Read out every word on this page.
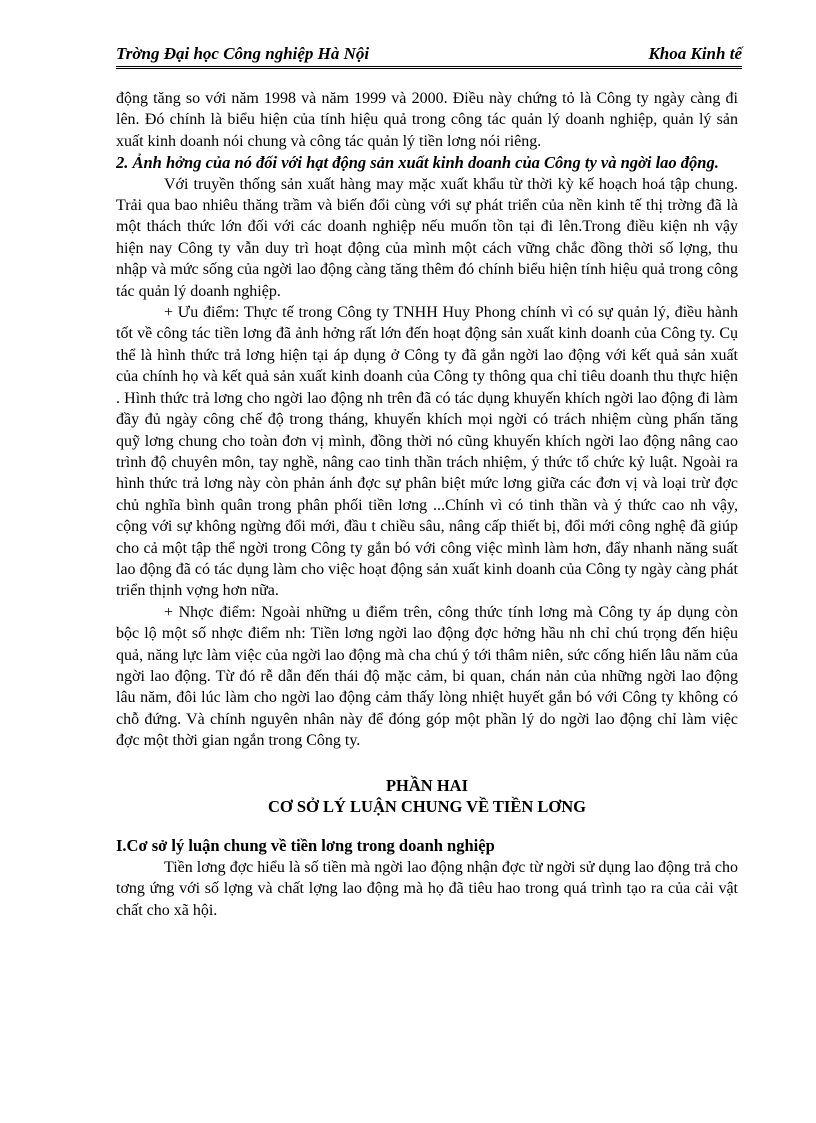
Trờng Đại học Công nghiệp Hà Nội	Khoa Kinh tế

động tăng so với năm 1998 và năm 1999 và 2000. Điều này chứng tỏ là Công ty ngày càng đi lên. Đó chính là biểu hiện của tính hiệu quả trong công tác quản lý doanh nghiệp, quản lý sản xuất kinh doanh nói chung và công tác quản lý tiền lơng nói riêng.

2. Ảnh hởng của nó đối với hạt động sản xuất kinh doanh của Công ty và ngời lao động.

Với truyền thống sản xuất hàng may mặc xuất khẩu từ thời kỳ kế hoạch hoá tập chung. Trải qua bao nhiêu thăng trầm và biến đổi cùng với sự phát triển của nền kinh tế thị trờng đã là một thách thức lớn đối với các doanh nghiệp nếu muốn tồn tại đi lên.Trong điều kiện nh vậy hiện nay Công ty vẫn duy trì hoạt động của mình một cách vững chắc đồng thời số lợng, thu nhập và mức sống của ngời lao động càng tăng thêm đó chính biểu hiện tính hiệu quả trong công tác quản lý doanh nghiệp.

+ Ưu điểm: Thực tế trong Công ty TNHH Huy Phong chính vì có sự quản lý, điều hành tốt về công tác tiền lơng đã ảnh hởng rất lớn đến hoạt động sản xuất kinh doanh của Công ty. Cụ thể là hình thức trả lơng hiện tại áp dụng ở Công ty đã gắn ngời lao động với kết quả sản xuất của chính họ và kết quả sản xuất kinh doanh của Công ty thông qua chỉ tiêu doanh thu thực hiện . Hình thức trả lơng cho ngời lao động nh trên đã có tác dụng khuyến khích ngời lao động đi làm đầy đủ ngày công chế độ trong tháng, khuyến khích mọi ngời có trách nhiệm cùng phấn tăng quỹ lơng chung cho toàn đơn vị mình, đồng thời nó cũng khuyến khích ngời lao động nâng cao trình độ chuyên môn, tay nghề, nâng cao tinh thần trách nhiệm, ý thức tổ chức kỷ luật. Ngoài ra hình thức trả lơng này còn phản ánh đợc sự phân biệt mức lơng giữa các đơn vị và loại trừ đợc chủ nghĩa bình quân trong phân phối tiền lơng ...Chính vì có tinh thần và ý thức cao nh vậy, cộng với sự không ngừng đổi mới, đầu t chiều sâu, nâng cấp thiết bị, đổi mới công nghệ đã giúp cho cả một tập thể ngời trong Công ty gắn bó với công việc mình làm hơn, đẩy nhanh năng suất lao động đã có tác dụng làm cho việc hoạt động sản xuất kinh doanh của Công ty ngày càng phát triển thịnh vợng hơn nữa.

+ Nhợc điểm: Ngoài những u điểm trên, công thức tính lơng mà Công ty áp dụng còn bộc lộ một số nhợc điểm nh: Tiền lơng ngời lao động đợc hởng hầu nh chỉ chú trọng đến hiệu quả, năng lực làm việc của ngời lao động mà cha chú ý tới thâm niên, sức cống hiến lâu năm của ngời lao động. Từ đó rễ dẫn đến thái độ mặc cảm, bi quan, chán nản của những ngời lao động lâu năm, đôi lúc làm cho ngời lao động cảm thấy lòng nhiệt huyết gắn bó với Công ty không có chỗ đứng. Và chính nguyên nhân này để đóng góp một phần lý do ngời lao động chỉ làm việc đợc một thời gian ngắn trong Công ty.

PHẦN HAI

CƠ SỞ LÝ LUẬN CHUNG VỀ TIỀN LƠNG

I.Cơ sở lý luận chung về tiền lơng trong doanh nghiệp

Tiền lơng đợc hiểu là số tiền mà ngời lao động nhận đợc từ ngời sử dụng lao động trả cho tơng ứng với số lợng và chất lợng lao động mà họ đã tiêu hao trong quá trình tạo ra của cải vật chất cho xã hội.
